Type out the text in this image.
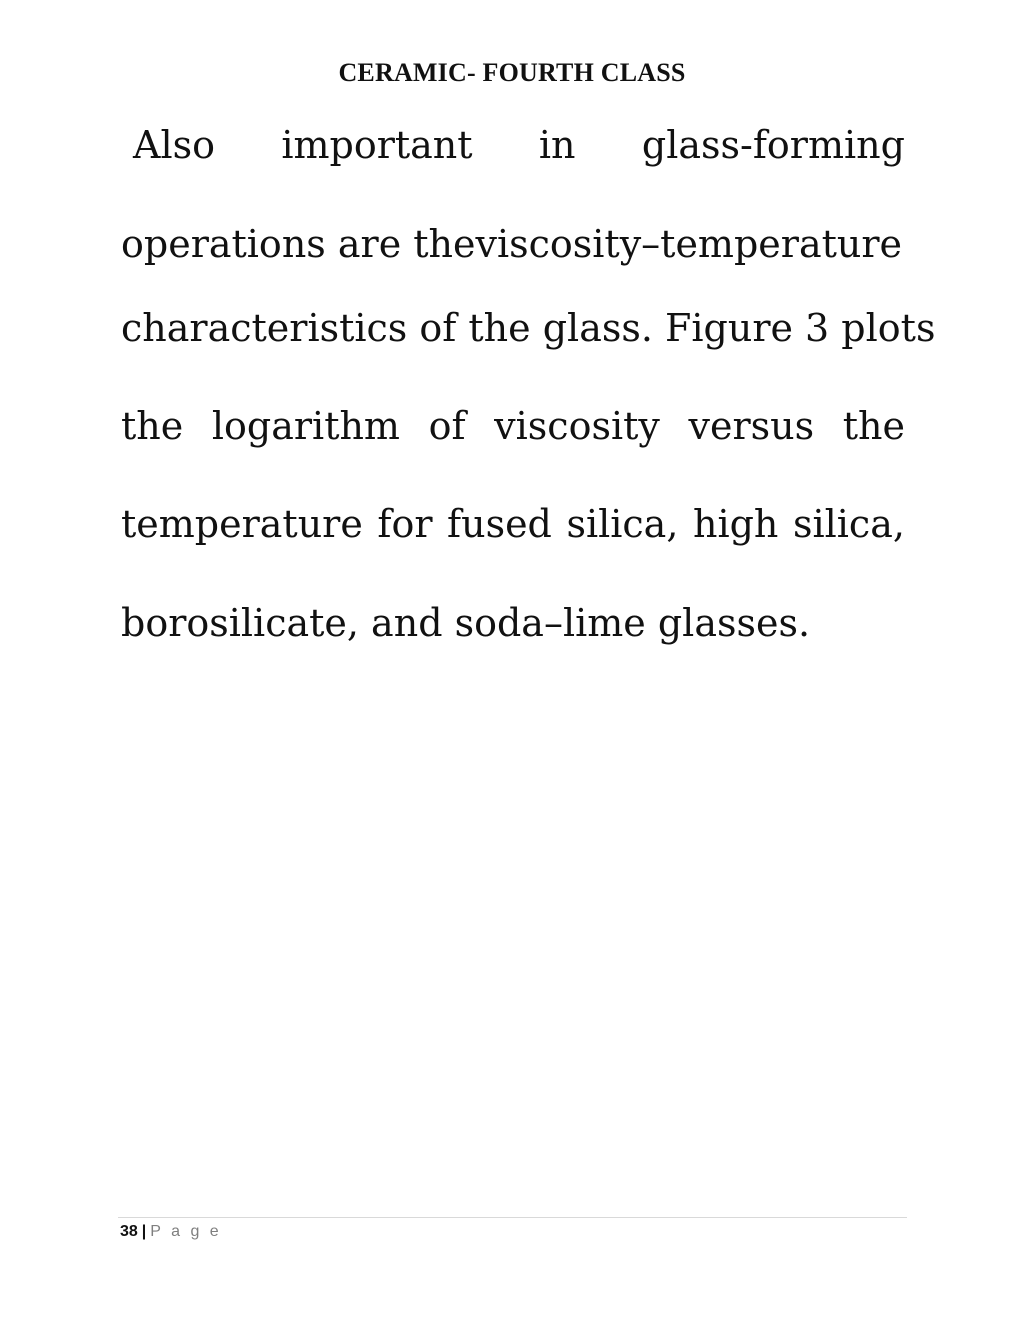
CERAMIC- FOURTH CLASS
Also important in glass-forming
operations are the viscosity–temperature
characteristics of the glass. Figure 3 plots
the logarithm of viscosity versus the
temperature for fused silica, high silica,
borosilicate, and soda–lime glasses.
38 | P a g e
